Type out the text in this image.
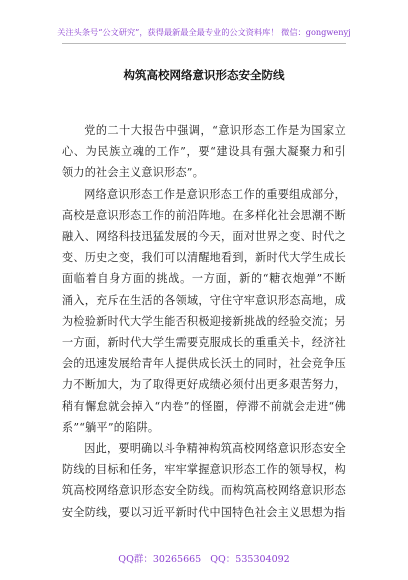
关注头条号“公文研究”，获得最新最全最专业的公文资料库！ 微信：gongwenyj
构筑高校网络意识形态安全防线

党的二十大报告中强调，“意识形态工作是为国家立心、为民族立魂的工作”，要“建设具有强大凝聚力和引领力的社会主义意识形态”。

网络意识形态工作是意识形态工作的重要组成部分，高校是意识形态工作的前沿阵地。在多样化社会思潮不断融入、网络科技迅猛发展的今天，面对世界之变、时代之变、历史之变，我们可以清醒地看到，新时代大学生成长面临着自身方面的挑战。一方面，新的“糖衣炮弹”不断涌入，充斥在生活的各领域，守住守牢意识形态高地，成为检验新时代大学生能否积极迎接新挑战的经验交流；另一方面，新时代大学生需要克服成长的重重关卡，经济社会的迅速发展给青年人提供成长沃土的同时，社会竞争压力不断加大，为了取得更好成绩必须付出更多艰苦努力，稍有懈怠就会掉入“内卷”的怪圈，停滞不前就会走进“佛系”“躺平”的陷阱。

因此，要明确以斗争精神构筑高校网络意识形态安全防线的目标和任务，牢牢掌握意识形态工作的领导权，构筑高校网络意识形态安全防线。而构筑高校网络意识形态安全防线，要以习近平新时代中国特色社会主义思想为指

QQ群：30265665 QQ：535304092
